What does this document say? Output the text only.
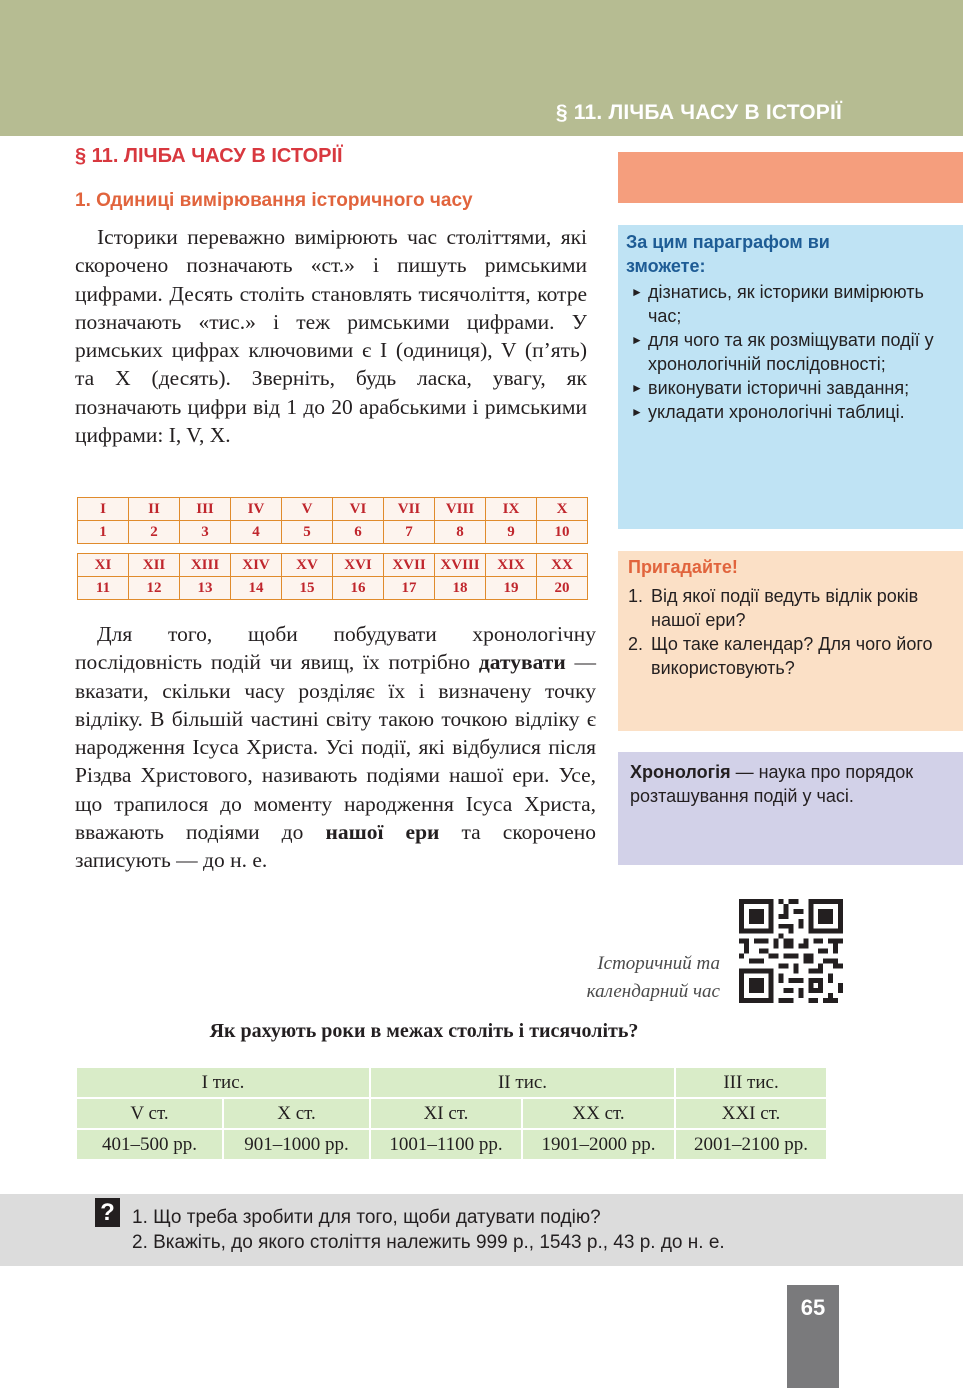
§ 11. ЛІЧБА ЧАСУ В ІСТОРІЇ
§ 11. ЛІЧБА ЧАСУ В ІСТОРІЇ
1. Одиниці вимірювання історичного часу
Історики переважно вимірюють час століттями, які скорочено позначають «ст.» і пишуть римськими цифрами. Десять століть становлять тисячоліття, котре позначають «тис.» і теж римськими цифрами. У римських цифрах ключовими є I (одиниця), V (п’ять) та X (десять). Зверніть, будь ласка, увагу, як позначають цифри від 1 до 20 арабськими і римськими цифрами: I, V, X.
I	II	III	IV	V	VI	VII	VIII	IX	X
1	2	3	4	5	6	7	8	9	10
XI	XII	XIII	XIV	XV	XVI	XVII	XVIII	XIX	XX
11	12	13	14	15	16	17	18	19	20
Для того, щоби побудувати хронологічну послідовність подій чи явищ, їх потрібно датувати — вказати, скільки часу розділяє їх і визначену точку відліку. В більшій частині світу такою точкою відліку є народження Ісуса Христа. Усі події, які відбулися після Різдва Христового, називають подіями нашої ери. Усе, що трапилося до моменту народження Ісуса Христа, вважають подіями до нашої ери та скорочено записують — до н. е.
За цим параграфом ви зможете:
► дізнатись, як історики вимірюють час;
► для чого та як розміщувати події у хронологічній послідовності;
► виконувати історичні завдання;
► укладати хронологічні таблиці.
Пригадайте!
1. Від якої події ведуть відлік років нашої ери?
2. Що таке календар? Для чого його використовують?
Хронологія — наука про порядок розташування подій у часі.
Історичний та
календарний час
Як рахують роки в межах століть і тисячоліть?
I тис.		II тис.		III тис.
V ст.	X ст.	XI ст.	XX ст.	XXI ст.
401–500 рр.	901–1000 рр.	1001–1100 рр.	1901–2000 рр.	2001–2100 рр.
? 1. Що треба зробити для того, щоби датувати подію?
2. Вкажіть, до якого століття належить 999 р., 1543 р., 43 р. до н. е.
65
